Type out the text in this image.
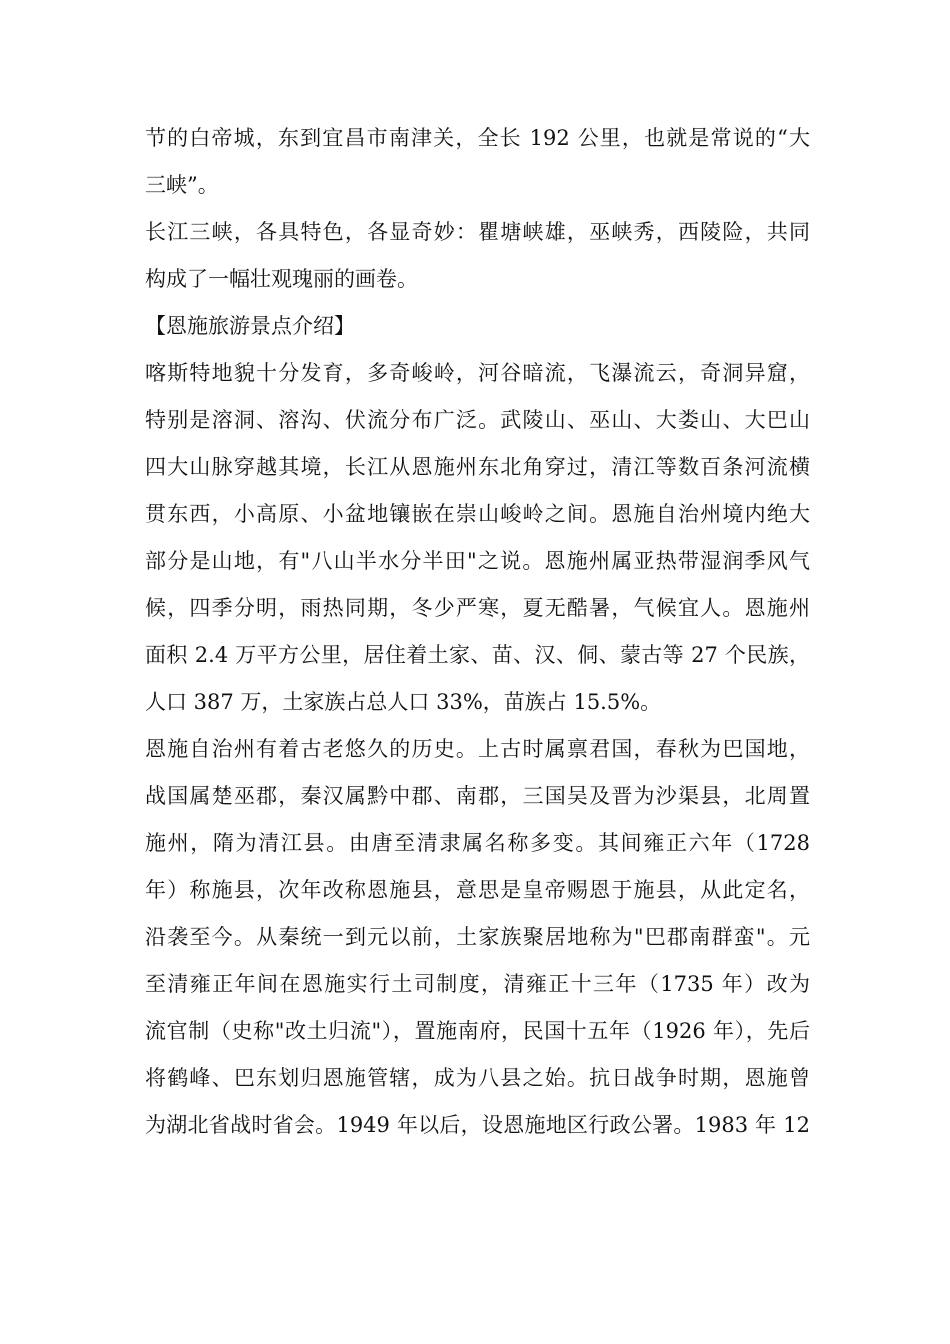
节的白帝城，东到宜昌市南津关，全长 192 公里，也就是常说的“大
三峡”。
长江三峡，各具特色，各显奇妙：瞿塘峡雄，巫峡秀，西陵险，共同
构成了一幅壮观瑰丽的画卷。
【恩施旅游景点介绍】
喀斯特地貌十分发育，多奇峻岭，河谷暗流，飞瀑流云，奇洞异窟，
特别是溶洞、溶沟、伏流分布广泛。武陵山、巫山、大娄山、大巴山
四大山脉穿越其境，长江从恩施州东北角穿过，清江等数百条河流横
贯东西，小高原、小盆地镶嵌在崇山峻岭之间。恩施自治州境内绝大
部分是山地，有"八山半水分半田"之说。恩施州属亚热带湿润季风气
候，四季分明，雨热同期，冬少严寒，夏无酷暑，气候宜人。恩施州
面积 2.4 万平方公里，居住着土家、苗、汉、侗、蒙古等 27 个民族，
人口 387 万，土家族占总人口 33%，苗族占 15.5%。
恩施自治州有着古老悠久的历史。上古时属禀君国，春秋为巴国地，
战国属楚巫郡，秦汉属黔中郡、南郡，三国吴及晋为沙渠县，北周置
施州，隋为清江县。由唐至清隶属名称多变。其间雍正六年（1728
年）称施县，次年改称恩施县，意思是皇帝赐恩于施县，从此定名，
沿袭至今。从秦统一到元以前，土家族聚居地称为"巴郡南群蛮"。元
至清雍正年间在恩施实行土司制度，清雍正十三年（1735 年）改为
流官制（史称"改土归流"），置施南府，民国十五年（1926 年），先后
将鹤峰、巴东划归恩施管辖，成为八县之始。抗日战争时期，恩施曾
为湖北省战时省会。1949 年以后，设恩施地区行政公署。1983 年 12
